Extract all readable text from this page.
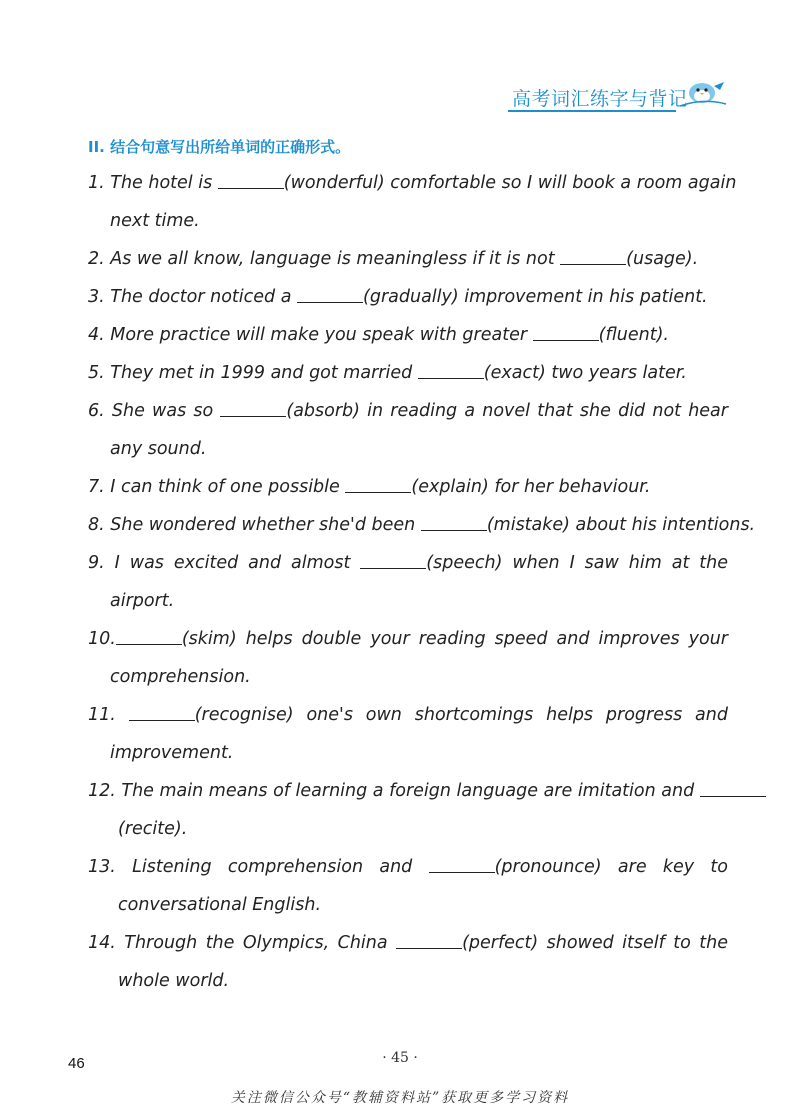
高考词汇练字与背记
II. 结合句意写出所给单词的正确形式。
1. The hotel is	(wonderful) comfortable so I will book a room again
next time.
2. As we all know, language is meaningless if it is not	(usage).
3. The doctor noticed a	(gradually) improvement in his patient.
4. More practice will make you speak with greater	(fluent).
5. They met in 1999 and got married	(exact) two years later.
6. She was so	(absorb) in reading a novel that she did not hear
any sound.
7. I can think of one possible	(explain) for her behaviour.
8. She wondered whether she'd been	(mistake) about his intentions.
9. I was excited and almost	(speech) when I saw him at the
airport.
10.	(skim) helps double your reading speed and improves your
comprehension.
11.	(recognise) one's own shortcomings helps progress and
improvement.
12. The main means of learning a foreign language are imitation and
(recite).
13. Listening comprehension and	(pronounce) are key to
conversational English.
14. Through the Olympics, China	(perfect) showed itself to the
whole world.
· 45 ·
46
关注微信公众号“教辅资料站”获取更多学习资料
